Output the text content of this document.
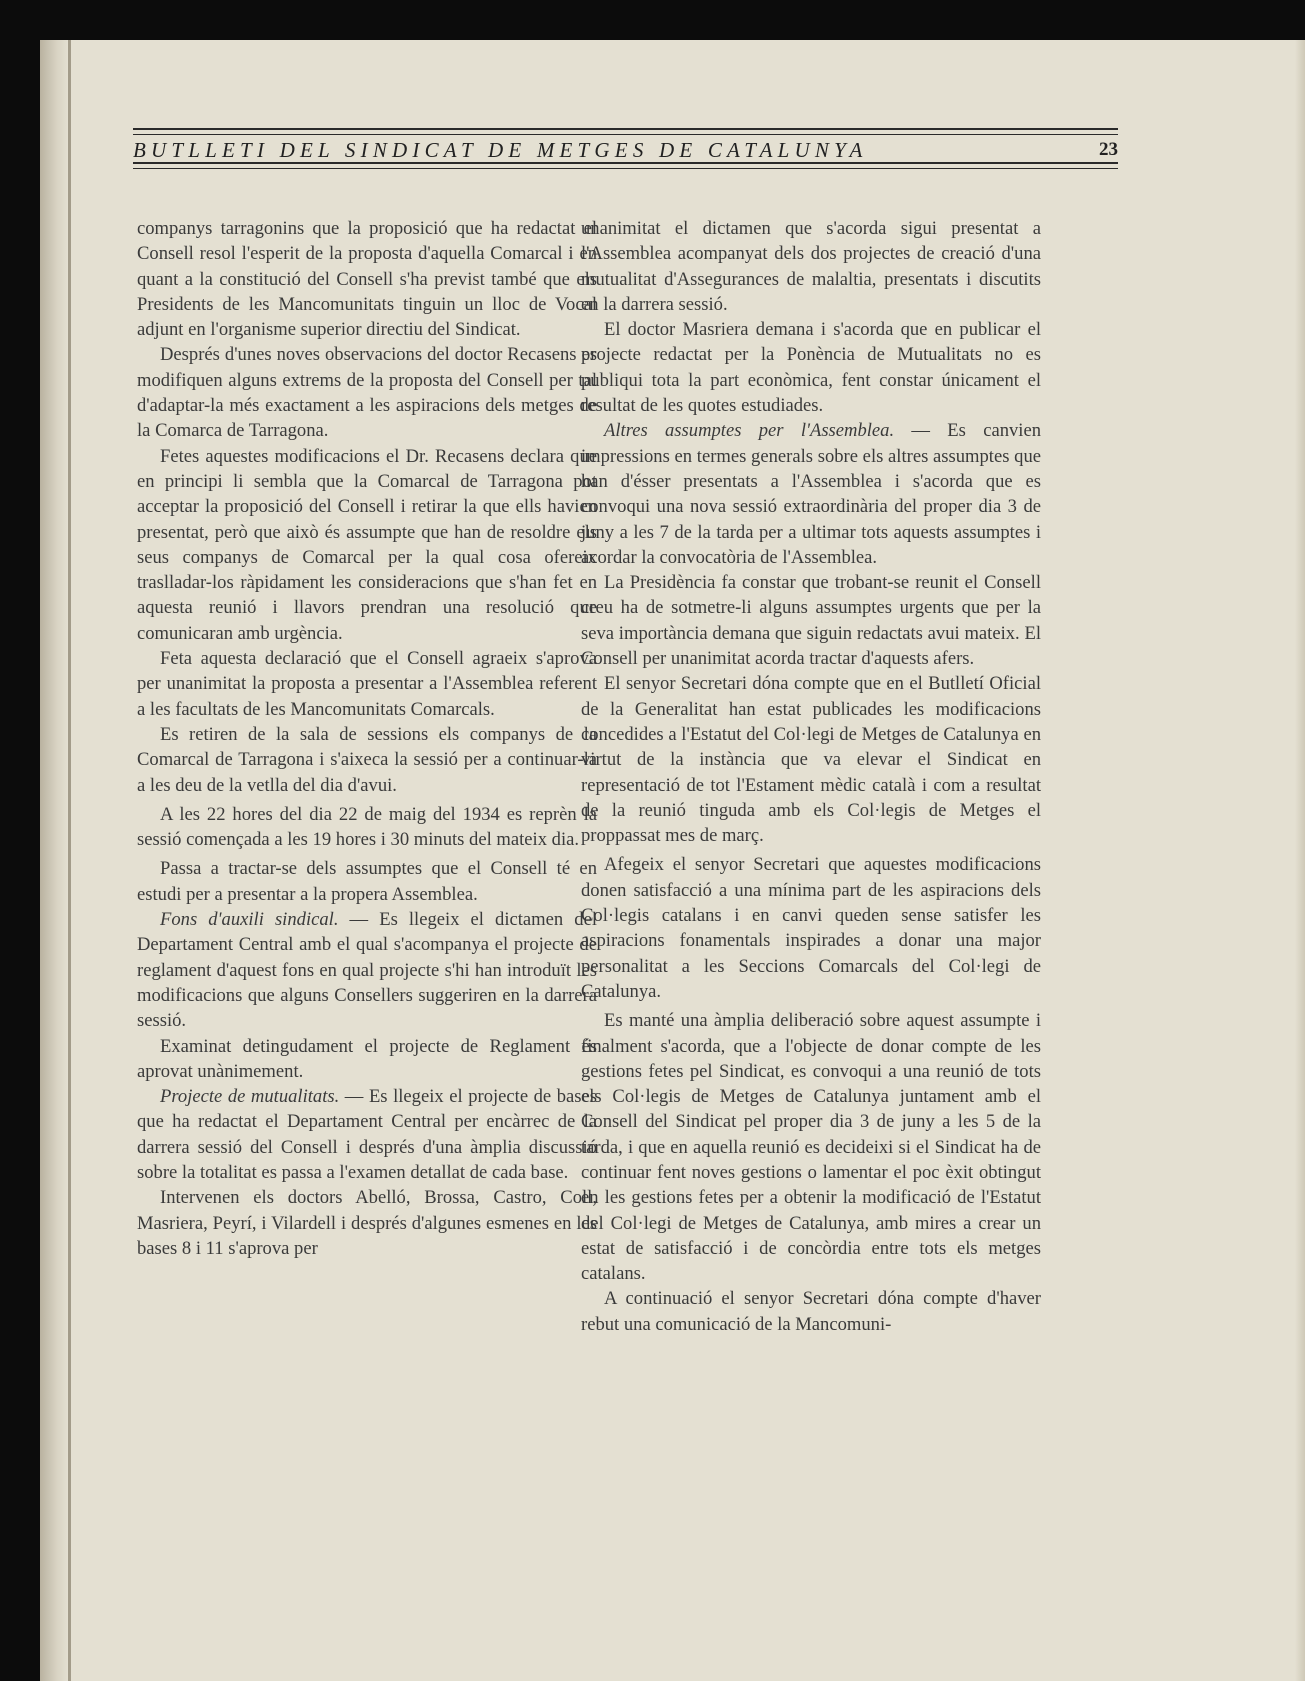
BUTLLETI DEL SINDICAT DE METGES DE CATALUNYA	23

companys tarragonins que la proposició que ha redactat el Consell resol l'esperit de la proposta d'aquella Comarcal i en quant a la constitució del Consell s'ha previst també que els Presidents de les Mancomunitats tinguin un lloc de Vocal adjunt en l'organisme superior directiu del Sindicat.

Després d'unes noves observacions del doctor Recasens es modifiquen alguns extrems de la proposta del Consell per tal d'adaptar-la més exactament a les aspiracions dels metges de la Comarca de Tarragona.

Fetes aquestes modificacions el Dr. Recasens declara que en principi li sembla que la Comarcal de Tarragona pot acceptar la proposició del Consell i retirar la que ells havien presentat, però que això és assumpte que han de resoldre els seus companys de Comarcal per la qual cosa ofereix traslladar-los ràpidament les consideracions que s'han fet en aquesta reunió i llavors prendran una resolució que comunicaran amb urgència.

Feta aquesta declaració que el Consell agraeix s'aprova per unanimitat la proposta a presentar a l'Assemblea referent a les facultats de les Mancomunitats Comarcals.

Es retiren de la sala de sessions els companys de la Comarcal de Tarragona i s'aixeca la sessió per a continuar-la a les deu de la vetlla del dia d'avui.

A les 22 hores del dia 22 de maig del 1934 es reprèn la sessió començada a les 19 hores i 30 minuts del mateix dia.

Passa a tractar-se dels assumptes que el Consell té en estudi per a presentar a la propera Assemblea.

Fons d'auxili sindical. — Es llegeix el dictamen del Departament Central amb el qual s'acompanya el projecte de reglament d'aquest fons en qual projecte s'hi han introduït les modificacions que alguns Consellers suggeriren en la darrera sessió.

Examinat detingudament el projecte de Reglament és aprovat unànimement.

Projecte de mutualitats. — Es llegeix el projecte de bases que ha redactat el Departament Central per encàrrec de la darrera sessió del Consell i després d'una àmplia discussió sobre la totalitat es passa a l'examen detallat de cada base.

Intervenen els doctors Abelló, Brossa, Castro, Coll, Masriera, Peyrí, i Vilardell i després d'algunes esmenes en les bases 8 i 11 s'aprova per

unanimitat el dictamen que s'acorda sigui presentat a l'Assemblea acompanyat dels dos projectes de creació d'una mutualitat d'Assegurances de malaltia, presentats i discutits en la darrera sessió.

El doctor Masriera demana i s'acorda que en publicar el projecte redactat per la Ponència de Mutualitats no es publiqui tota la part econòmica, fent constar únicament el resultat de les quotes estudiades.

Altres assumptes per l'Assemblea. — Es canvien impressions en termes generals sobre els altres assumptes que han d'ésser presentats a l'Assemblea i s'acorda que es convoqui una nova sessió extraordinària del proper dia 3 de juny a les 7 de la tarda per a ultimar tots aquests assumptes i acordar la convocatòria de l'Assemblea.

La Presidència fa constar que trobant-se reunit el Consell creu ha de sotmetre-li alguns assumptes urgents que per la seva importància demana que siguin redactats avui mateix. El Consell per unanimitat acorda tractar d'aquests afers.

El senyor Secretari dóna compte que en el Butlletí Oficial de la Generalitat han estat publicades les modificacions concedides a l'Estatut del Col·legi de Metges de Catalunya en virtut de la instància que va elevar el Sindicat en representació de tot l'Estament mèdic català i com a resultat de la reunió tinguda amb els Col·legis de Metges el proppassat mes de març.

Afegeix el senyor Secretari que aquestes modificacions donen satisfacció a una mínima part de les aspiracions dels Col·legis catalans i en canvi queden sense satisfer les aspiracions fonamentals inspirades a donar una major personalitat a les Seccions Comarcals del Col·legi de Catalunya.

Es manté una àmplia deliberació sobre aquest assumpte i finalment s'acorda, que a l'objecte de donar compte de les gestions fetes pel Sindicat, es convoqui a una reunió de tots els Col·legis de Metges de Catalunya juntament amb el Consell del Sindicat pel proper dia 3 de juny a les 5 de la tarda, i que en aquella reunió es decideixi si el Sindicat ha de continuar fent noves gestions o lamentar el poc èxit obtingut en les gestions fetes per a obtenir la modificació de l'Estatut del Col·legi de Metges de Catalunya, amb mires a crear un estat de satisfacció i de concòrdia entre tots els metges catalans.

A continuació el senyor Secretari dóna compte d'haver rebut una comunicació de la Mancomuni-
